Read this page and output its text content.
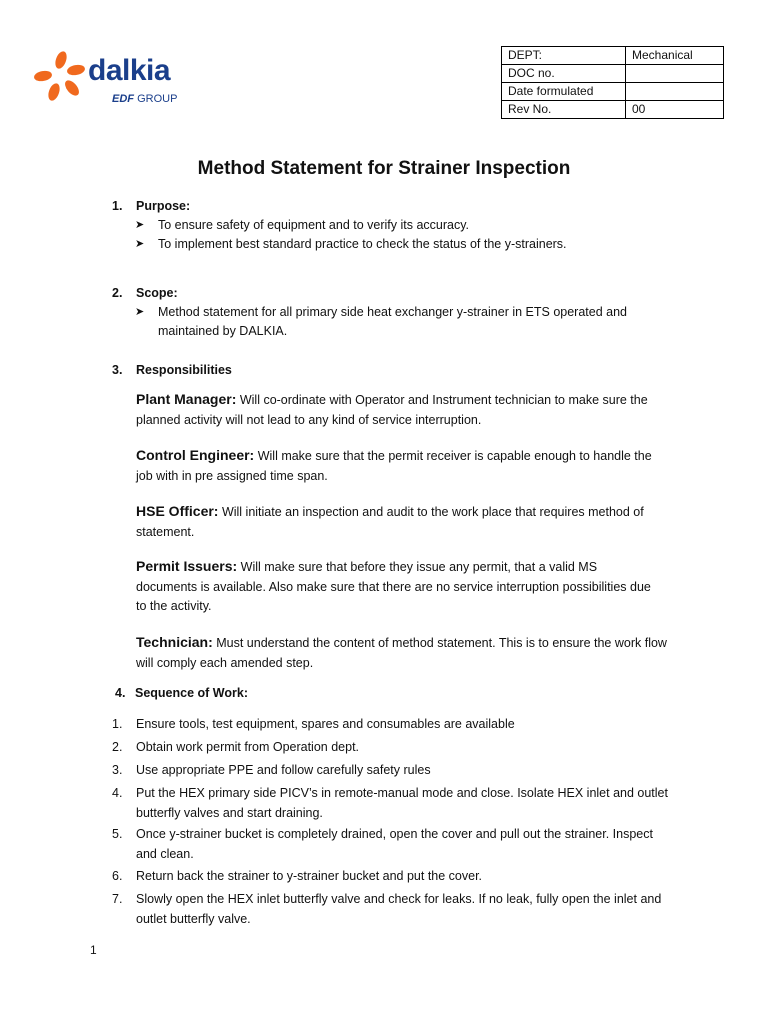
dalkia
EDF GROUP
DEPT:	Mechanical
DOC no.	
Date formulated	
Rev No.	00
Method Statement for Strainer Inspection
1. Purpose:
➤	To ensure safety of equipment and to verify its accuracy.
➤	To implement best standard practice to check the status of the y-strainers.
2. Scope:
➤	Method statement for all primary side heat exchanger y-strainer in ETS operated and maintained by DALKIA.
3. Responsibilities
Plant Manager: Will co-ordinate with Operator and Instrument technician to make sure the planned activity will not lead to any kind of service interruption.
Control Engineer: Will make sure that the permit receiver is capable enough to handle the job with in pre assigned time span.
HSE Officer: Will initiate an inspection and audit to the work place that requires method of statement.
Permit Issuers: Will make sure that before they issue any permit, that a valid MS documents is available. Also make sure that there are no service interruption possibilities due to the activity.
Technician: Must understand the content of method statement. This is to ensure the work flow will comply each amended step.
4. Sequence of Work:
1.	Ensure tools, test equipment, spares and consumables are available
2.	Obtain work permit from Operation dept.
3.	Use appropriate PPE and follow carefully safety rules
4.	Put the HEX primary side PICV’s in remote-manual mode and close. Isolate HEX inlet and outlet butterfly valves and start draining.
5.	Once y-strainer bucket is completely drained, open the cover and pull out the strainer. Inspect and clean.
6.	Return back the strainer to y-strainer bucket and put the cover.
7.	Slowly open the HEX inlet butterfly valve and check for leaks. If no leak, fully open the inlet and outlet butterfly valve.
1
